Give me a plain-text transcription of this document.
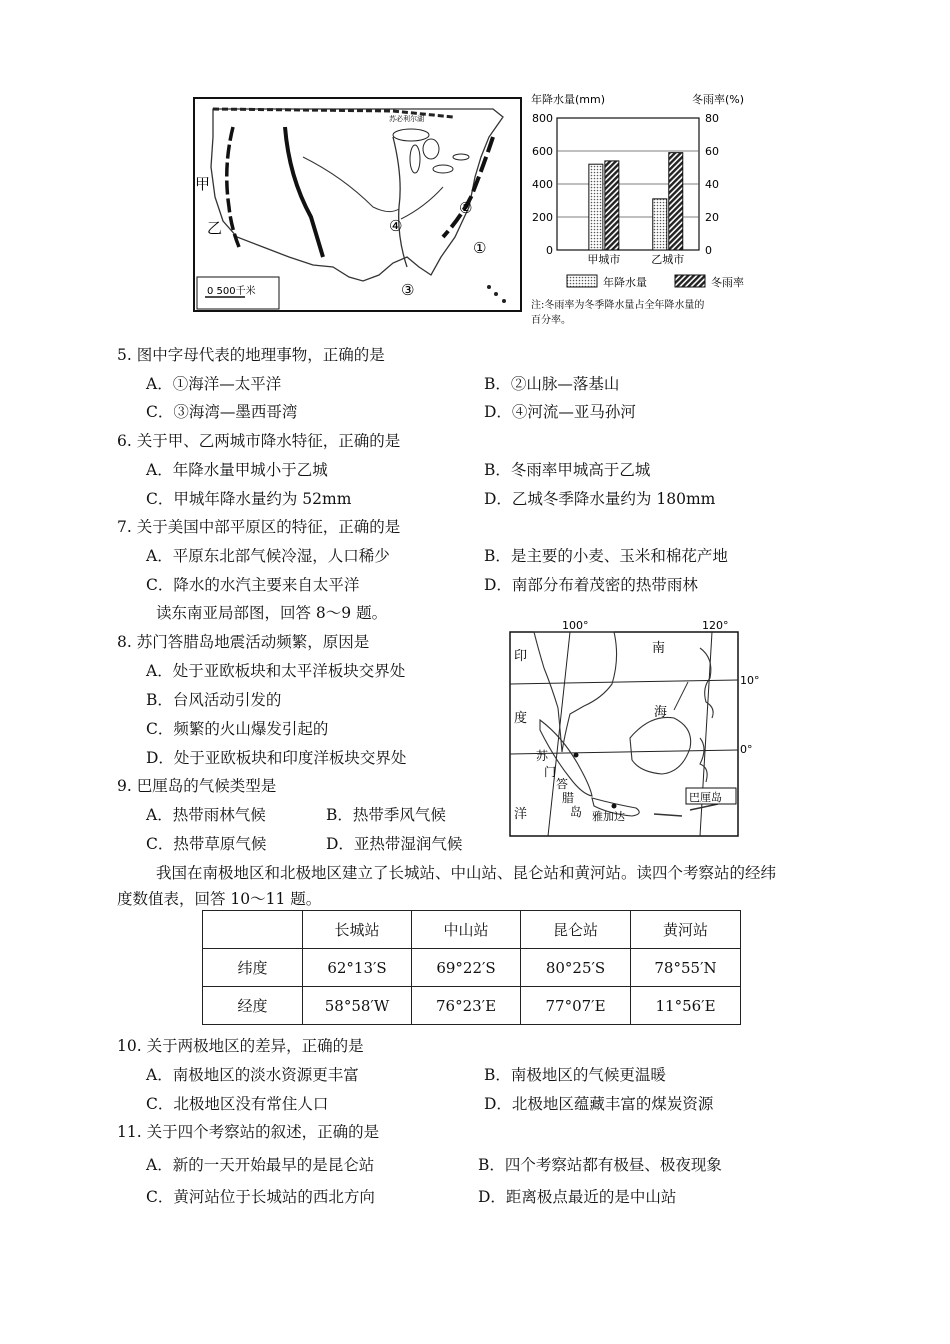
0 500千米
甲
乙
苏必利尔湖
②
④
①
③
年降水量(mm)	冬雨率(%)
0
200
400
600
800
0
20
40
60
80
甲城市	乙城市
年降水量	冬雨率
注:冬雨率为冬季降水量占全年降水量的
百分率。
5. 图中字母代表的地理事物，正确的是
A．①海洋—太平洋	B．②山脉—落基山
C．③海湾—墨西哥湾	D．④河流—亚马孙河
6. 关于甲、乙两城市降水特征，正确的是
A．年降水量甲城小于乙城	B．冬雨率甲城高于乙城
C．甲城年降水量约为 52mm	D．乙城冬季降水量约为 180mm
7. 关于美国中部平原区的特征，正确的是
A．平原东北部气候冷湿，人口稀少	B．是主要的小麦、玉米和棉花产地
C．降水的水汽主要来自太平洋	D．南部分布着茂密的热带雨林
读东南亚局部图，回答 8～9 题。
8. 苏门答腊岛地震活动频繁，原因是
A．处于亚欧板块和太平洋板块交界处
B．台风活动引发的
C．频繁的火山爆发引起的
D．处于亚欧板块和印度洋板块交界处
9. 巴厘岛的气候类型是
A．热带雨林气候	B．热带季风气候
C．热带草原气候	D．亚热带湿润气候
100°	120°
10°
0°
印
度
洋
南
海
苏
门
答
腊
岛 雅加达
巴厘岛
我国在南极地区和北极地区建立了长城站、中山站、昆仑站和黄河站。读四个考察站的经纬
度数值表，回答 10～11 题。
	长城站	中山站	昆仑站	黄河站
纬度	62°13′S	69°22′S	80°25′S	78°55′N
经度	58°58′W	76°23′E	77°07′E	11°56′E
10. 关于两极地区的差异，正确的是
A．南极地区的淡水资源更丰富	B．南极地区的气候更温暖
C．北极地区没有常住人口	D．北极地区蕴藏丰富的煤炭资源
11. 关于四个考察站的叙述，正确的是
A．新的一天开始最早的是昆仑站	B．四个考察站都有极昼、极夜现象
C．黄河站位于长城站的西北方向	D．距离极点最近的是中山站
